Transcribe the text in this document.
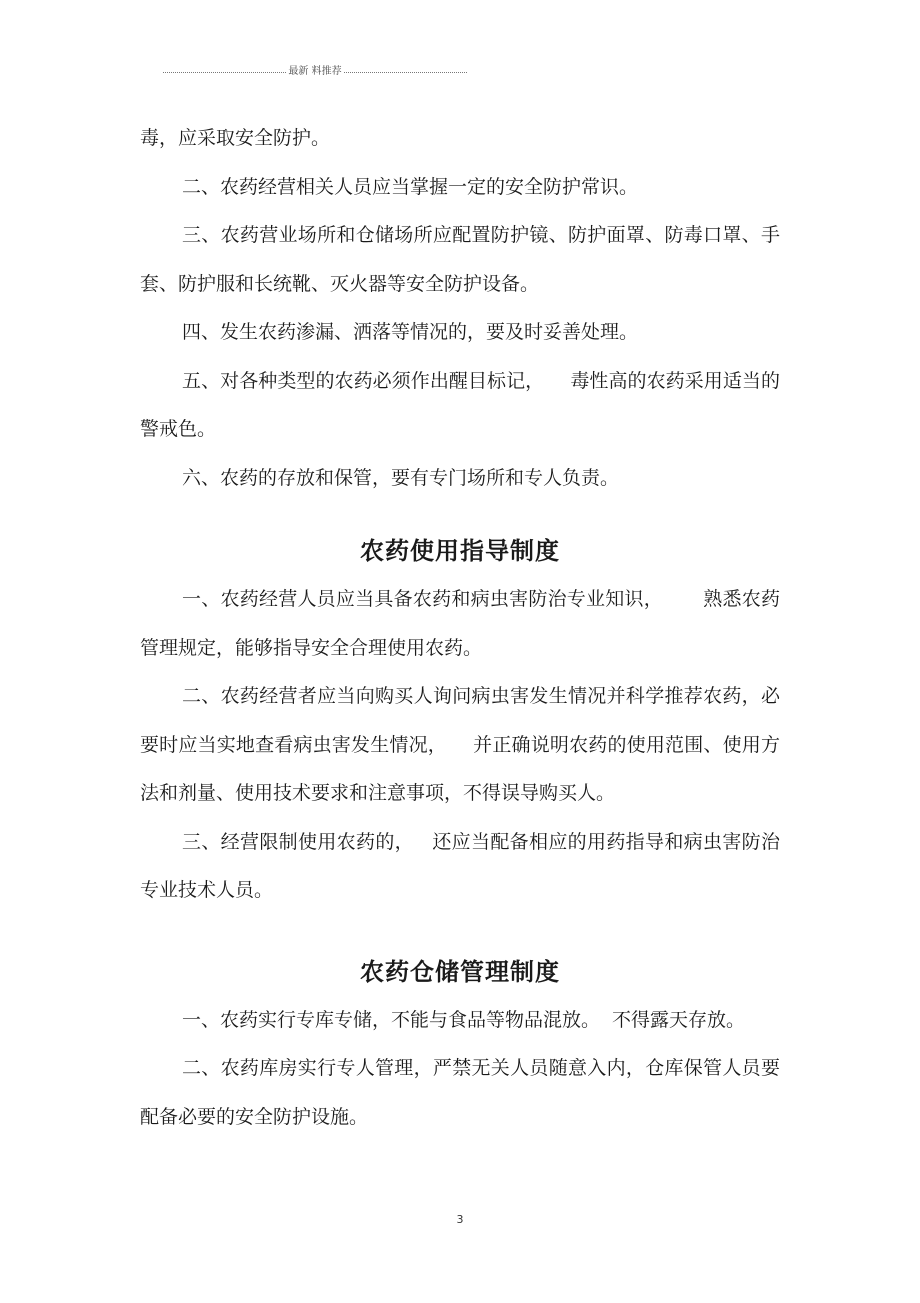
最新 料推荐

毒，应采取安全防护。

二、农药经营相关人员应当掌握一定的安全防护常识。

三、农药营业场所和仓储场所应配置防护镜、防护面罩、防毒口罩、手套、防护服和长统靴、灭火器等安全防护设备。

四、发生农药渗漏、洒落等情况的，要及时妥善处理。

五、对各种类型的农药必须作出醒目标记， 毒性高的农药采用适当的警戒色。

六、农药的存放和保管，要有专门场所和专人负责。

农药使用指导制度

一、农药经营人员应当具备农药和病虫害防治专业知识， 熟悉农药管理规定，能够指导安全合理使用农药。

二、农药经营者应当向购买人询问病虫害发生情况并科学推荐农药，必要时应当实地查看病虫害发生情况， 并正确说明农药的使用范围、使用方法和剂量、使用技术要求和注意事项，不得误导购买人。

三、经营限制使用农药的， 还应当配备相应的用药指导和病虫害防治专业技术人员。

农药仓储管理制度

一、农药实行专库专储，不能与食品等物品混放。 不得露天存放。

二、农药库房实行专人管理，严禁无关人员随意入内，仓库保管人员要配备必要的安全防护设施。

3
